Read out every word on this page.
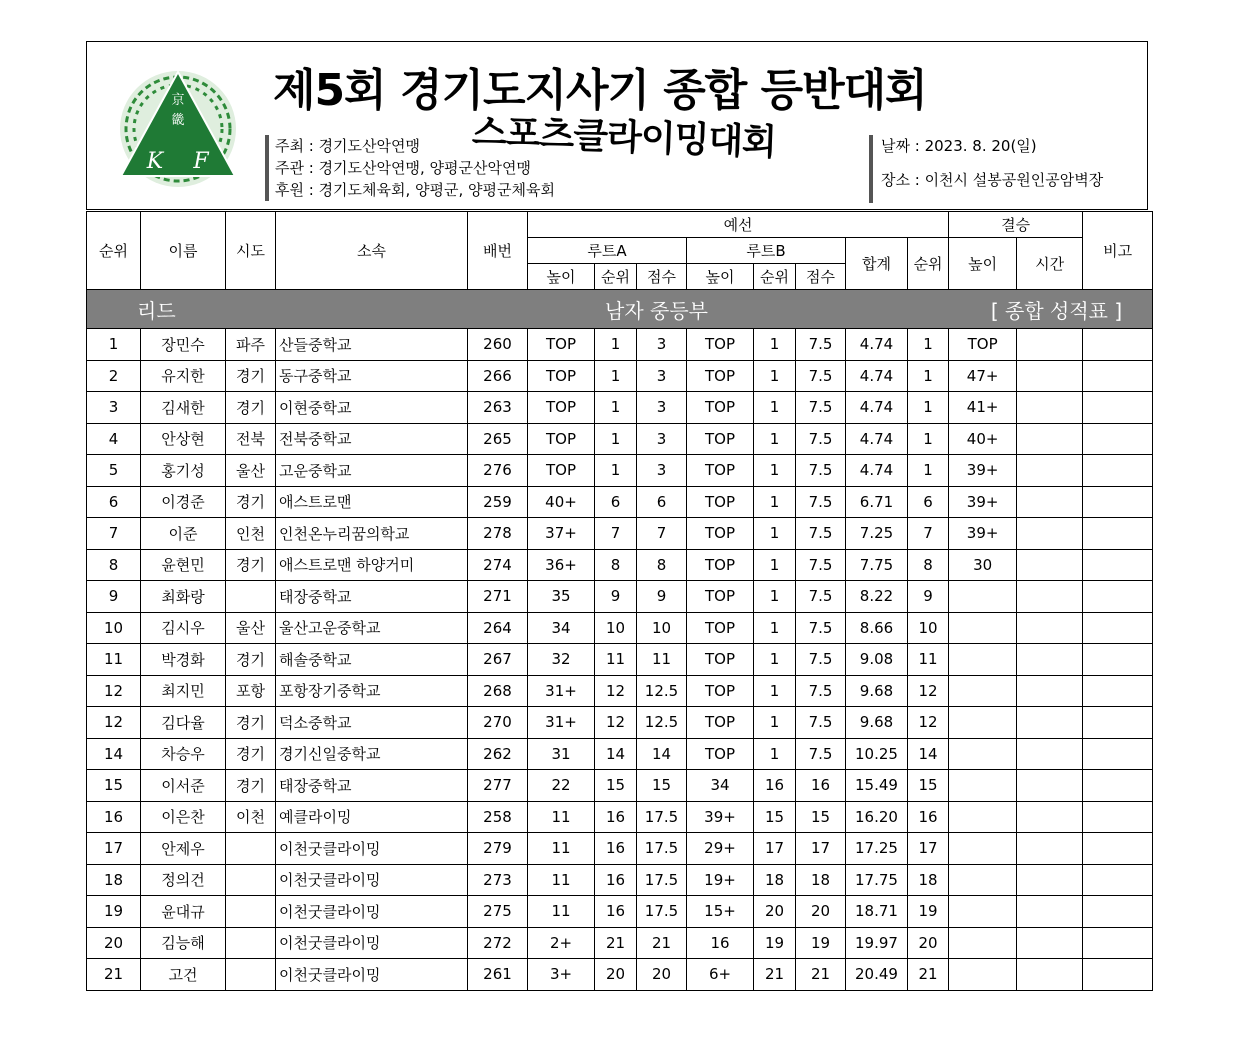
京
畿
K F
제5회 경기도지사기 종합 등반대회
스포츠클라이밍대회
주최 : 경기도산악연맹
주관 : 경기도산악연맹, 양평군산악연맹
후원 : 경기도체육회, 양평군, 양평군체육회
날짜 : 2023. 8. 20(일)
장소 : 이천시 설봉공원인공암벽장
리드				남자 중등부							[ 종합 성적표 ]				
순위	이름	시도	소속	배번	예선								결승		비고
					루트A			루트B			합계	순위	높이	시간	
					높이	순위	점수	높이	순위	점수					
1	장민수	파주	산들중학교	260	TOP	1	3	TOP	1	7.5	4.74	1	TOP		
2	유지한	경기	동구중학교	266	TOP	1	3	TOP	1	7.5	4.74	1	47+		
3	김새한	경기	이현중학교	263	TOP	1	3	TOP	1	7.5	4.74	1	41+		
4	안상현	전북	전북중학교	265	TOP	1	3	TOP	1	7.5	4.74	1	40+		
5	홍기성	울산	고운중학교	276	TOP	1	3	TOP	1	7.5	4.74	1	39+		
6	이경준	경기	애스트로맨	259	40+	6	6	TOP	1	7.5	6.71	6	39+		
7	이준	인천	인천온누리꿈의학교	278	37+	7	7	TOP	1	7.5	7.25	7	39+		
8	윤현민	경기	애스트로맨 하양거미	274	36+	8	8	TOP	1	7.5	7.75	8	30		
9	최화랑		태장중학교	271	35	9	9	TOP	1	7.5	8.22	9			
10	김시우	울산	울산고운중학교	264	34	10	10	TOP	1	7.5	8.66	10			
11	박경화	경기	해솔중학교	267	32	11	11	TOP	1	7.5	9.08	11			
12	최지민	포항	포항장기중학교	268	31+	12	12.5	TOP	1	7.5	9.68	12			
12	김다율	경기	덕소중학교	270	31+	12	12.5	TOP	1	7.5	9.68	12			
14	차승우	경기	경기신일중학교	262	31	14	14	TOP	1	7.5	10.25	14			
15	이서준	경기	태장중학교	277	22	15	15	34	16	16	15.49	15			
16	이은찬	이천	예클라이밍	258	11	16	17.5	39+	15	15	16.20	16			
17	안제우		이천굿클라이밍	279	11	16	17.5	29+	17	17	17.25	17			
18	정의건		이천굿클라이밍	273	11	16	17.5	19+	18	18	17.75	18			
19	윤대규		이천굿클라이밍	275	11	16	17.5	15+	20	20	18.71	19			
20	김능해		이천굿클라이밍	272	2+	21	21	16	19	19	19.97	20			
21	고건		이천굿클라이밍	261	3+	20	20	6+	21	21	20.49	21			
